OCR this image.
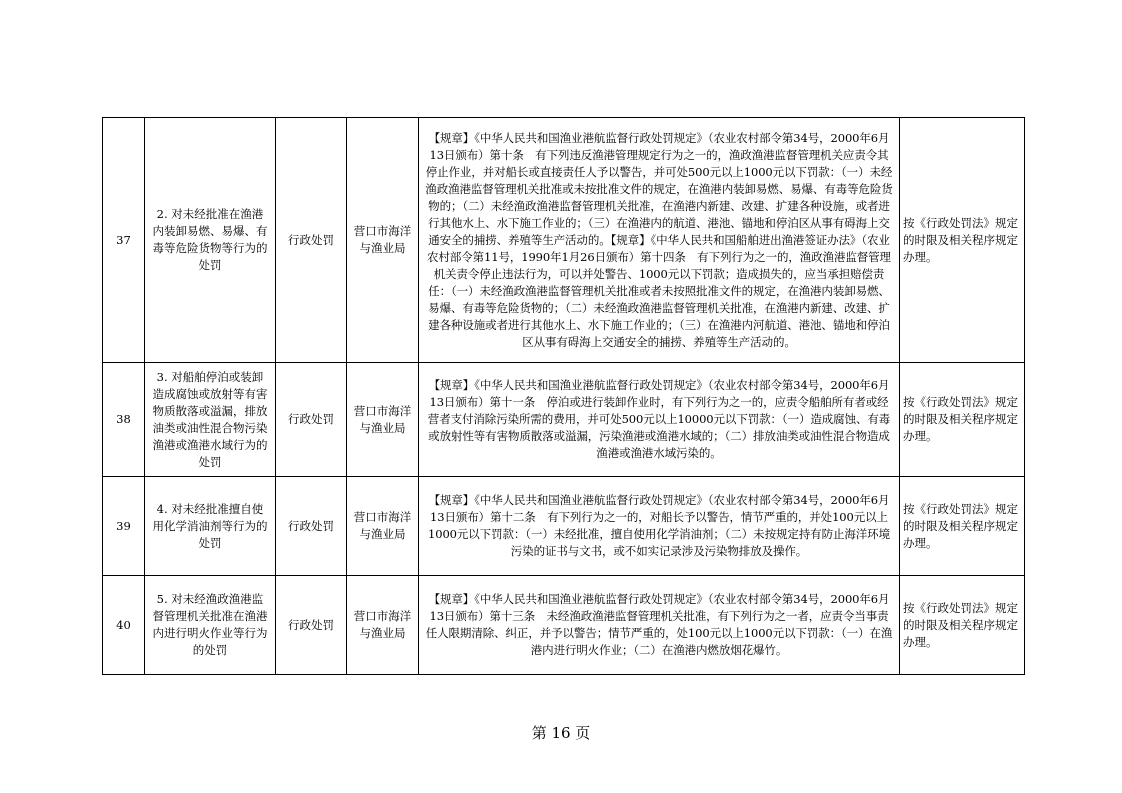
37	2. 对未经批准在渔港内装卸易燃、易爆、有毒等危险货物等行为的处罚	行政处罚	营口市海洋与渔业局	【规章】《中华人民共和国渔业港航监督行政处罚规定》（农业农村部令第34号，2000年6月13日颁布）第十条　有下列违反渔港管理规定行为之一的，渔政渔港监督管理机关应责令其停止作业，并对船长或直接责任人予以警告，并可处500元以上1000元以下罚款：（一）未经渔政渔港监督管理机关批准或未按批准文件的规定，在渔港内装卸易燃、易爆、有毒等危险货物的；（二）未经渔政渔港监督管理机关批准，在渔港内新建、改建、扩建各种设施，或者进行其他水上、水下施工作业的；（三）在渔港内的航道、港池、锚地和停泊区从事有碍海上交通安全的捕捞、养殖等生产活动的。【规章】《中华人民共和国船舶进出渔港签证办法》（农业农村部令第11号，1990年1月26日颁布）第十四条　有下列行为之一的，渔政渔港监督管理机关责令停止违法行为，可以并处警告、1000元以下罚款；造成损失的，应当承担赔偿责任：（一）未经渔政渔港监督管理机关批准或者未按照批准文件的规定，在渔港内装卸易燃、易爆、有毒等危险货物的；（二）未经渔政渔港监督管理机关批准，在渔港内新建、改建、扩建各种设施或者进行其他水上、水下施工作业的；（三）在渔港内河航道、港池、锚地和停泊区从事有碍海上交通安全的捕捞、养殖等生产活动的。	按《行政处罚法》规定的时限及相关程序规定办理。
38	3. 对船舶停泊或装卸造成腐蚀或放射等有害物质散落或溢漏，排放油类或油性混合物污染渔港或渔港水域行为的处罚	行政处罚	营口市海洋与渔业局	【规章】《中华人民共和国渔业港航监督行政处罚规定》（农业农村部令第34号，2000年6月13日颁布）第十一条　停泊或进行装卸作业时，有下列行为之一的，应责令船舶所有者或经营者支付消除污染所需的费用，并可处500元以上10000元以下罚款：（一）造成腐蚀、有毒或放射性等有害物质散落或溢漏，污染渔港或渔港水域的；（二）排放油类或油性混合物造成渔港或渔港水域污染的。	按《行政处罚法》规定的时限及相关程序规定办理。
39	4. 对未经批准擅自使用化学消油剂等行为的处罚	行政处罚	营口市海洋与渔业局	【规章】《中华人民共和国渔业港航监督行政处罚规定》（农业农村部令第34号，2000年6月13日颁布）第十二条　有下列行为之一的，对船长予以警告，情节严重的，并处100元以上1000元以下罚款：（一）未经批准，擅自使用化学消油剂；（二）未按规定持有防止海洋环境污染的证书与文书，或不如实记录涉及污染物排放及操作。	按《行政处罚法》规定的时限及相关程序规定办理。
40	5. 对未经渔政渔港监督管理机关批准在渔港内进行明火作业等行为的处罚	行政处罚	营口市海洋与渔业局	【规章】《中华人民共和国渔业港航监督行政处罚规定》（农业农村部令第34号，2000年6月13日颁布）第十三条　未经渔政渔港监督管理机关批准，有下列行为之一者，应责令当事责任人限期清除、纠正，并予以警告；情节严重的，处100元以上1000元以下罚款：（一）在渔港内进行明火作业；（二）在渔港内燃放烟花爆竹。	按《行政处罚法》规定的时限及相关程序规定办理。
第 16 页
